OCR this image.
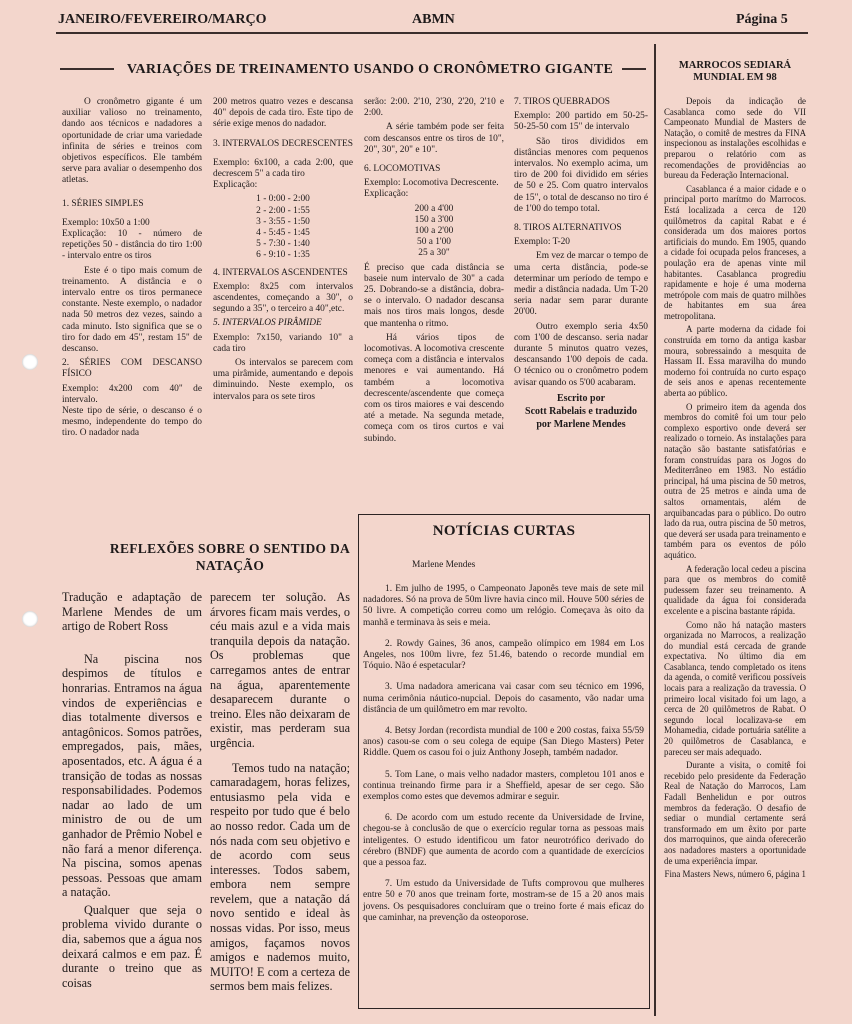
JANEIRO/FEVEREIRO/MARÇO	ABMN	Página 5
VARIAÇÕES DE TREINAMENTO USANDO O CRONÔMETRO GIGANTE

O cronômetro gigante é um auxiliar valioso no treinamento, dando aos técnicos e nadadores a oportunidade de criar uma variedade infinita de séries e treinos com objetivos específicos. Ele também serve para avaliar o desempenho dos atletas.

1. SÉRIES SIMPLES

Exemplo: 10x50 a 1:00
Explicação: 10 - número de repetições 50 - distância do tiro 1:00 - intervalo entre os tiros

Este é o tipo mais comum de treinamento. A distância e o intervalo entre os tiros permanece constante. Neste exemplo, o nadador nada 50 metros dez vezes, saindo a cada minuto. Isto significa que se o tiro for dado em 45", restam 15" de descanso.

2. SÉRIES COM DESCANSO FÍSICO

Exemplo: 4x200 com 40" de intervalo.
Neste tipo de série, o descanso é o mesmo, independente do tempo do tiro. O nadador nada

200 metros quatro vezes e descansa 40" depois de cada tiro. Este tipo de série exige menos do nadador.

3. INTERVALOS DECRESCENTES

Exemplo: 6x100, a cada 2:00, que decrescem 5" a cada tiro
Explicação:

1 - 0:00 - 2:00
2 - 2:00 - 1:55
3 - 3:55 - 1:50
4 - 5:45 - 1:45
5 - 7:30 - 1:40
6 - 9:10 - 1:35

4. INTERVALOS ASCENDENTES

Exemplo: 8x25 com intervalos ascendentes, começando a 30", o segundo a 35", o terceiro a 40",etc.

5. INTERVALOS PIRÂMIDE

Exemplo: 7x150, variando 10" a cada tiro

Os intervalos se parecem com uma pirâmide, aumentando e depois diminuindo. Neste exemplo, os intervalos para os sete tiros

serão: 2:00. 2'10, 2'30, 2'20, 2'10 e 2:00.

A série também pode ser feita com descansos entre os tiros de 10", 20", 30", 20" e 10".

6. LOCOMOTIVAS

Exemplo: Locomotiva Decrescente.
Explicação:

200 a 4'00
150 a 3'00
100 a 2'00
50 a 1'00
25 a 30"

É preciso que cada distância se baseie num intervalo de 30" a cada 25. Dobrando-se a distância, dobra-se o intervalo. O nadador descansa mais nos tiros mais longos, desde que mantenha o ritmo.

Há vários tipos de locomotivas. A locomotiva crescente começa com a distância e intervalos menores e vai aumentando. Há também a locomotiva decrescente/ascendente que começa com os tiros maiores e vai descendo até a metade. Na segunda metade, começa com os tiros curtos e vai subindo.

7. TIROS QUEBRADOS

Exemplo: 200 partido em 50-25-50-25-50 com 15" de intervalo

São tiros divididos em distâncias menores com pequenos intervalos. No exemplo acima, um tiro de 200 foi dividido em séries de 50 e 25. Com quatro intervalos de 15", o total de descanso no tiro é de 1'00 do tempo total.

8. TIROS ALTERNATIVOS

Exemplo: T-20

Em vez de marcar o tempo de uma certa distância, pode-se determinar um período de tempo e medir a distância nadada. Um T-20 seria nadar sem parar durante 20'00.

Outro exemplo seria 4x50 com 1'00 de descanso. seria nadar durante 5 minutos quatro vezes, descansando 1'00 depois de cada. O técnico ou o cronômetro podem avisar quando os 5'00 acabaram.

Escrito por
Scott Rabelais e traduzido
por Marlene Mendes

REFLEXÕES SOBRE O SENTIDO DA NATAÇÃO

Tradução e adaptação de Marlene Mendes de um artigo de Robert Ross

Na piscina nos despimos de títulos e honrarias. Entramos na água vindos de experiências e dias totalmente diversos e antagônicos. Somos patrões, empregados, pais, mães, aposentados, etc. A água é a transição de todas as nossas responsabilidades. Podemos nadar ao lado de um ministro de ou de um ganhador de Prêmio Nobel e não fará a menor diferença. Na piscina, somos apenas pessoas. Pessoas que amam a natação.

Qualquer que seja o problema vivido durante o dia, sabemos que a água nos deixará calmos e em paz. É durante o treino que as coisas

parecem ter solução. As árvores ficam mais verdes, o céu mais azul e a vida mais tranquila depois da natação. Os problemas que carregamos antes de entrar na água, aparentemente desaparecem durante o treino. Eles não deixaram de existir, mas perderam sua urgência.

Temos tudo na natação; camaradagem, horas felizes, entusiasmo pela vida e respeito por tudo que é belo ao nosso redor. Cada um de nós nada com seu objetivo e de acordo com seus interesses. Todos sabem, embora nem sempre revelem, que a natação dá novo sentido e ideal às nossas vidas. Por isso, meus amigos, façamos novos amigos e nademos muito, MUITO! E com a certeza de sermos bem mais felizes.

NOTÍCIAS CURTAS
Marlene Mendes

1. Em julho de 1995, o Campeonato Japonês teve mais de sete mil nadadores. Só na prova de 50m livre havia cinco mil. Houve 500 séries de 50 livre. A competição correu como um relógio. Começava às oito da manhã e terminava às seis e meia.

2. Rowdy Gaines, 36 anos, campeão olímpico em 1984 em Los Angeles, nos 100m livre, fez 51.46, batendo o recorde mundial em Tóquio. Não é espetacular?

3. Uma nadadora americana vai casar com seu técnico em 1996, numa cerimônia náutico-nupcial. Depois do casamento, vão nadar uma distância de um quilômetro em mar revolto.

4. Betsy Jordan (recordista mundial de 100 e 200 costas, faixa 55/59 anos) casou-se com o seu colega de equipe (San Diego Masters) Peter Riddle. Quem os casou foi o juiz Anthony Joseph, também nadador.

5. Tom Lane, o mais velho nadador masters, completou 101 anos e continua treinando firme para ir a Sheffield, apesar de ser cego. São exemplos como estes que devemos admirar e seguir.

6. De acordo com um estudo recente da Universidade de Irvine, chegou-se à conclusão de que o exercício regular torna as pessoas mais inteligentes. O estudo identificou um fator neurotrófico derivado do cérebro (BNDF) que aumenta de acordo com a quantidade de exercícios que a pessoa faz.

7. Um estudo da Universidade de Tufts comprovou que mulheres entre 50 e 70 anos que treinam forte, mostram-se de 15 a 20 anos mais jovens. Os pesquisadores concluíram que o treino forte é mais eficaz do que caminhar, na prevenção da osteoporose.

MARROCOS SEDIARÁ MUNDIAL EM 98

Depois da indicação de Casablanca como sede do VII Campeonato Mundial de Masters de Natação, o comitê de mestres da FINA inspecionou as instalações escolhidas e preparou o relatório com as recomendações de providências ao bureau da Federação Internacional.

Casablanca é a maior cidade e o principal porto marítmo do Marrocos. Está localizada a cerca de 120 quilômetros da capital Rabat e é considerada um dos maiores portos artificiais do mundo. Em 1905, quando a cidade foi ocupada pelos franceses, a poulação era de apenas vinte mil habitantes. Casablanca progrediu rapidamente e hoje é uma moderna metrópole com mais de quatro milhões de habitantes em sua área metropolitana.

A parte moderna da cidade foi construída em torno da antiga kasbar moura, sobressaindo a mesquita de Hassam II. Essa maravilha do mundo moderno foi contruída no curto espaço de seis anos e apenas recentemente aberta ao público.

O primeiro item da agenda dos membros do comitê foi um tour pelo complexo esportivo onde deverá ser realizado o torneio. As instalações para natação são bastante satisfatórias e foram construídas para os Jogos do Mediterrâneo em 1983. No estádio principal, há uma piscina de 50 metros, outra de 25 metros e ainda uma de saltos ornamentais, além de arquibancadas para o público. Do outro lado da rua, outra piscina de 50 metros, que deverá ser usada para treinamento e também para os eventos de pólo aquático.

A federação local cedeu a piscina para que os membros do comitê pudessem fazer seu treinamento. A qualidade da água foi considerada excelente e a piscina bastante rápida.

Como não há natação masters organizada no Marrocos, a realização do mundial está cercada de grande expectativa. No último dia em Casablanca, tendo completado os itens da agenda, o comitê verificou possíveis locais para a realização da travessia. O primeiro local visitado foi um lago, a cerca de 20 quilômetros de Rabat. O segundo local localizava-se em Mohamedia, cidade portuária satélite a 20 quilômetros de Casablanca, e pareceu ser mais adequado.

Durante a visita, o comitê foi recebido pelo presidente da Federação Real de Natação do Marrocos, Lam Fadall Benhelidun e por outros membros da federação. O desafio de sediar o mundial certamente será transformado em um êxito por parte dos marroquinos, que ainda oferecerão aos nadadores masters a oportunidade de uma experiência ímpar.

Fina Masters News, número 6, página 1
